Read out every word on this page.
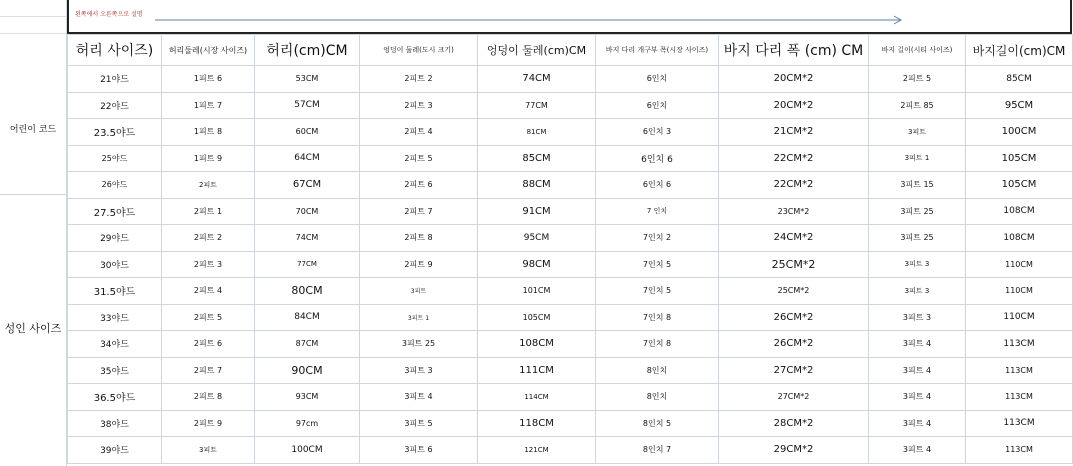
어린이 코드
성인 사이즈
왼쪽에서 오른쪽으로 설명
허리 사이즈)	허리둘레(시장 사이즈)	허리(cm)CM	엉덩이 둘레(도시 크기)	엉덩이 둘레(cm)CM	바지 다리 개구부 폭(시장 사이즈)	바지 다리 폭 (cm) CM	바지 길이(시티 사이즈)	바지길이(cm)CM
21야드	1피트 6	53CM	2피트 2	74CM	6인치	20CM*2	2피트 5	85CM
22야드	1피트 7	57CM	2피트 3	77CM	6인치	20CM*2	2피트 85	95CM
23.5야드	1피트 8	60CM	2피트 4	81CM	6인치 3	21CM*2	3피트	100CM
25야드	1피트 9	64CM	2피트 5	85CM	6인치 6	22CM*2	3피트 1	105CM
26야드	2피트	67CM	2피트 6	88CM	6인치 6	22CM*2	3피트 15	105CM
27.5야드	2피트 1	70CM	2피트 7	91CM	7 인치	23CM*2	3피트 25	108CM
29야드	2피트 2	74CM	2피트 8	95CM	7인치 2	24CM*2	3피트 25	108CM
30야드	2피트 3	77CM	2피트 9	98CM	7인치 5	25CM*2	3피트 3	110CM
31.5야드	2피트 4	80CM	3피트	101CM	7인치 5	25CM*2	3피트 3	110CM
33야드	2피트 5	84CM	3피트 1	105CM	7인치 8	26CM*2	3피트 3	110CM
34야드	2피트 6	87CM	3피트 25	108CM	7인치 8	26CM*2	3피트 4	113CM
35야드	2피트 7	90CM	3피트 3	111CM	8인치	27CM*2	3피트 4	113CM
36.5야드	2피트 8	93CM	3피트 4	114CM	8인치	27CM*2	3피트 4	113CM
38야드	2피트 9	97cm	3피트 5	118CM	8인치 5	28CM*2	3피트 4	113CM
39야드	3피트	100CM	3피트 6	121CM	8인치 7	29CM*2	3피트 4	113CM
